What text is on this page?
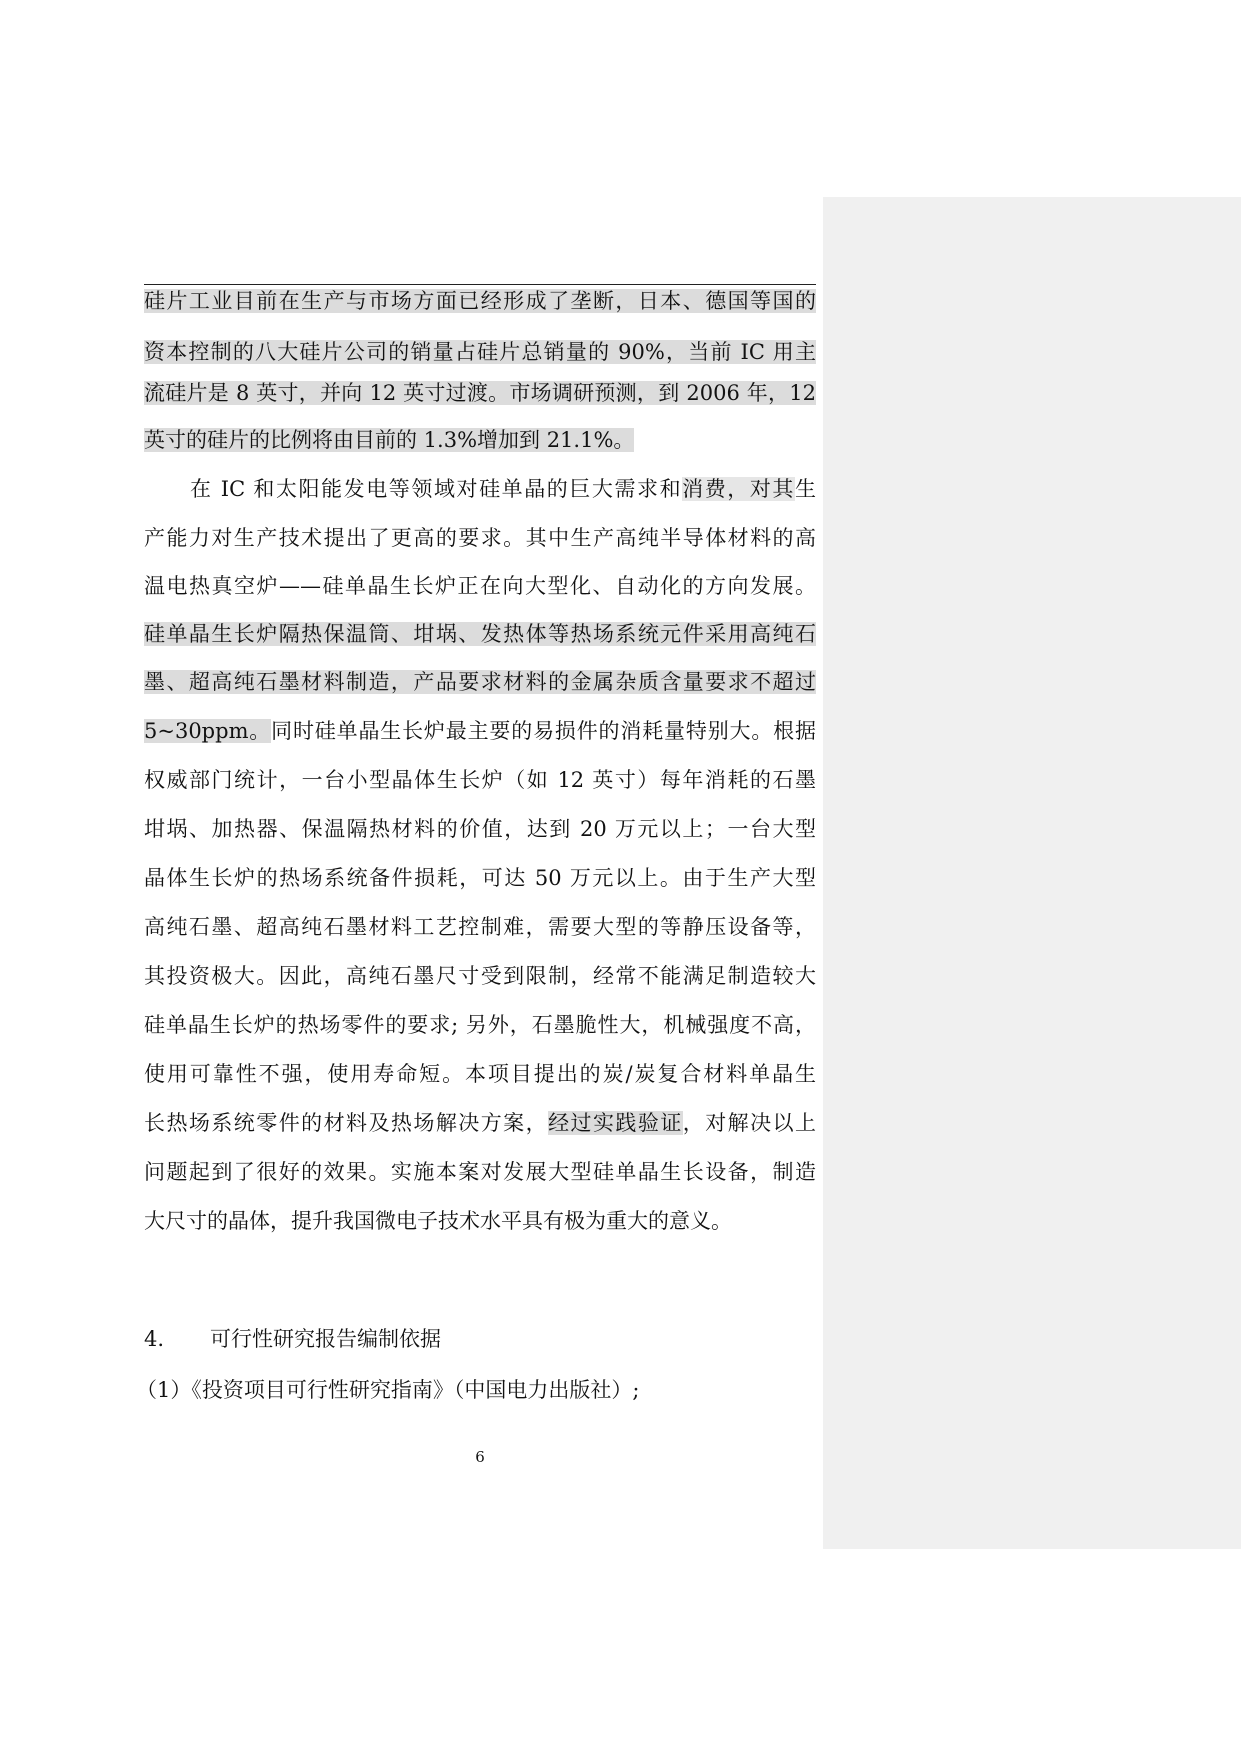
硅片工业目前在生产与市场方面已经形成了垄断，日本、德国等国的
资本控制的八大硅片公司的销量占硅片总销量的 90%，当前 IC 用主
流硅片是 8 英寸，并向 12 英寸过渡。市场调研预测，到 2006 年，12
英寸的硅片的比例将由目前的 1.3%增加到 21.1%。
在 IC 和太阳能发电等领域对硅单晶的巨大需求和消费，对其生
产能力对生产技术提出了更高的要求。其中生产高纯半导体材料的高
温电热真空炉——硅单晶生长炉正在向大型化、自动化的方向发展。
硅单晶生长炉隔热保温筒、坩埚、发热体等热场系统元件采用高纯石
墨、超高纯石墨材料制造，产品要求材料的金属杂质含量要求不超过
5~30ppm。同时硅单晶生长炉最主要的易损件的消耗量特别大。根据
权威部门统计，一台小型晶体生长炉（如 12 英寸）每年消耗的石墨
坩埚、加热器、保温隔热材料的价值，达到 20 万元以上；一台大型
晶体生长炉的热场系统备件损耗，可达 50 万元以上。由于生产大型
高纯石墨、超高纯石墨材料工艺控制难，需要大型的等静压设备等，
其投资极大。因此，高纯石墨尺寸受到限制，经常不能满足制造较大
硅单晶生长炉的热场零件的要求; 另外，石墨脆性大，机械强度不高，
使用可靠性不强，使用寿命短。本项目提出的炭/炭复合材料单晶生
长热场系统零件的材料及热场解决方案，经过实践验证，对解决以上
问题起到了很好的效果。实施本案对发展大型硅单晶生长设备，制造
大尺寸的晶体，提升我国微电子技术水平具有极为重大的意义。
4. 可行性研究报告编制依据
（1）《投资项目可行性研究指南》（中国电力出版社）;
6
